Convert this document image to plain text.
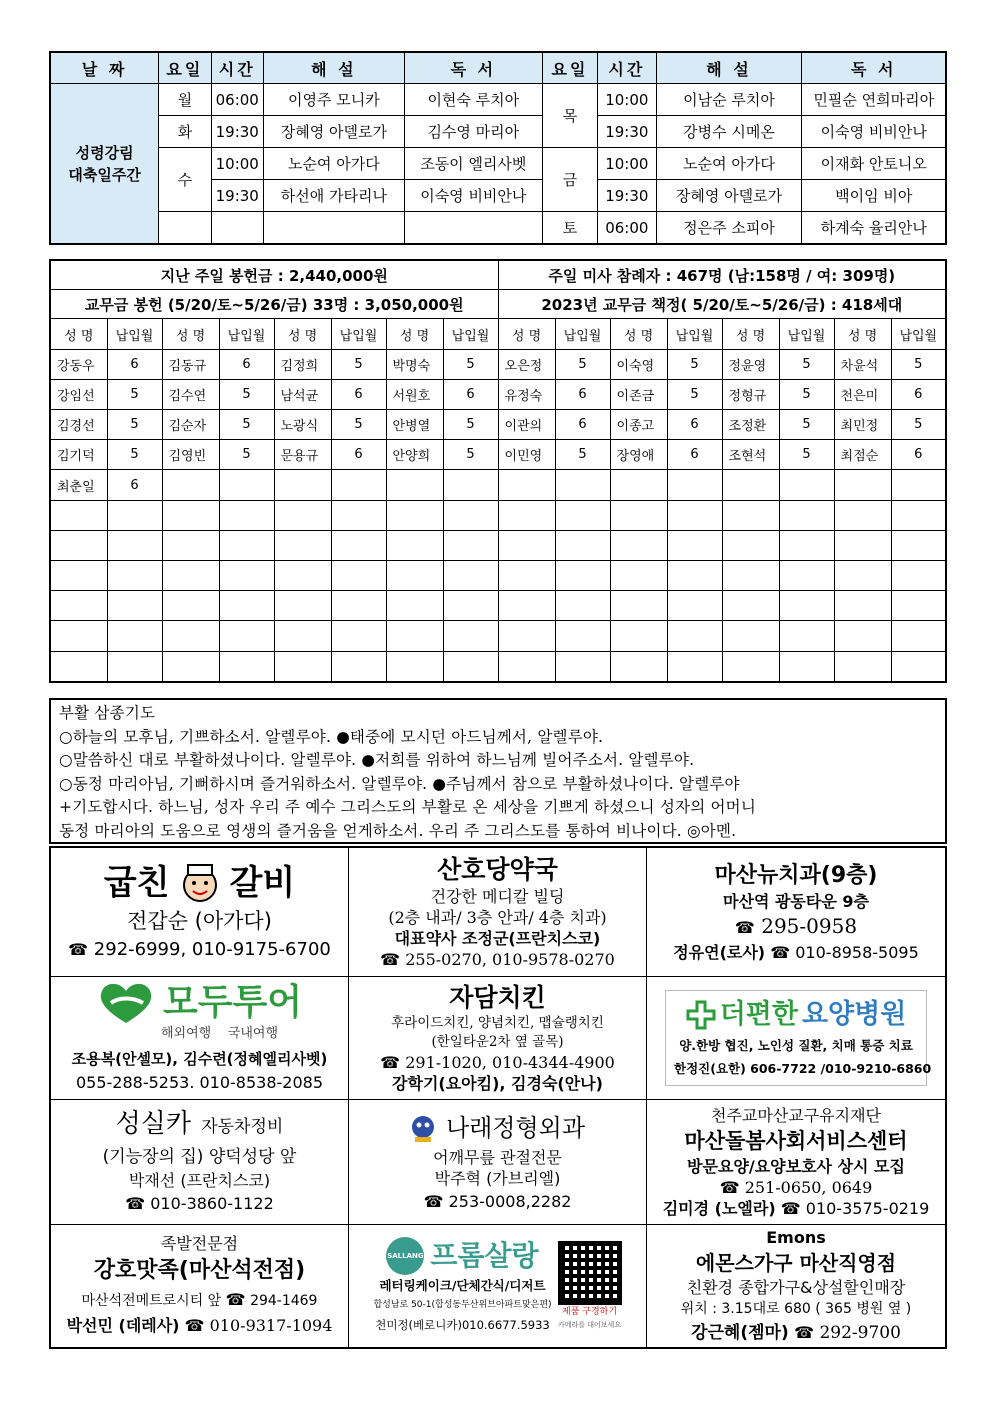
날 짜	요일	시간	해 설	독 서	요일	시간	해 설	독 서

성령강림
대축일주간	월	06:00	이영주 모니카	이현숙 루치아	목	10:00	이남순 루치아	민필순 연희마리아
	화	19:30	장혜영 아델로가	김수영 마리아		19:30	강병수 시메온	이숙영 비비안나
	수	10:00	노순여 아가다	조동이 엘리사벳	금	10:00	노순여 아가다	이재화 안토니오
		19:30	하선애 가타리나	이숙영 비비안나		19:30	장혜영 아델로가	백이임 비아
					토	06:00	정은주 소피아	하계숙 율리안나
지난 주일 봉헌금 : 2,440,000원								주일 미사 참례자 : 467명 (남:158명 / 여: 309명)							
교무금 봉헌 (5/20/토~5/26/금) 33명 : 3,050,000원								2023년 교무금 책정( 5/20/토~5/26/금) : 418세대							
성 명	납입월	성 명	납입월	성 명	납입월	성 명	납입월	성 명	납입월	성 명	납입월	성 명	납입월	성 명	납입월
강동우	6	김동규	6	김정희	5	박명숙	5	오은정	5	이숙영	5	정윤영	5	차윤석	5
강임선	5	김수연	5	남석균	6	서원호	6	유정숙	6	이존금	5	정형규	5	천은미	6
김경선	5	김순자	5	노광식	5	안병열	5	이관의	6	이종고	6	조정환	5	최민정	5
김기덕	5	김영빈	5	문용규	6	안양희	5	이민영	5	장영애	6	조현석	5	최점순	6
최춘일	6														

부활 삼종기도
○하늘의 모후님, 기쁘하소서. 알렐루야. ●태중에 모시던 아드님께서, 알렐루야.
○말씀하신 대로 부활하셨나이다. 알렐루야. ●저희를 위하여 하느님께 빌어주소서. 알렐루야.
○동정 마리아님, 기뻐하시며 즐거워하소서. 알렐루야. ●주님께서 참으로 부활하셨나이다. 알렐루야
+기도합시다. 하느님, 성자 우리 주 예수 그리스도의 부활로 온 세상을 기쁘게 하셨으니 성자의 어머니
동정 마리아의 도움으로 영생의 즐거움을 얻게하소서. 우리 주 그리스도를 통하여 비나이다. ◎아멘.
굽친 갈비
전갑순 (아가다)
☎ 292-6999, 010-9175-6700
산호당약국
건강한 메디칼 빌딩
(2층 내과/ 3층 안과/ 4층 치과)
대표약사 조정군(프란치스코)
☎ 255-0270, 010-9578-0270
마산뉴치과(9층)
마산역 광동타운 9층
☎ 295-0958
정유연(로사) ☎ 010-8958-5095
모두투어
해외여행 국내여행
조용복(안셀모), 김수련(정혜엘리사벳)
055-288-5253. 010-8538-2085
자담치킨
후라이드치킨, 양념치킨, 맵슐랭치킨
(한일타운2차 옆 골목)
☎ 291-1020, 010-4344-4900
강학기(요아킴), 김경숙(안나)
더편한 요양병원
양.한방 협진, 노인성 질환, 치매 통증 치료
한정진(요한) 606-7722 /010-9210-6860
성실카 자동차정비
(기능장의 집) 양덕성당 앞
박재선 (프란치스코)
☎ 010-3860-1122
나래정형외과
어깨무릎 관절전문
박주혁 (가브리엘)
☎ 253-0008,2282
천주교마산교구유지재단
마산돌봄사회서비스센터
방문요양/요양보호사 상시 모집
☎ 251-0650, 0649
김미경 (노엘라) ☎ 010-3575-0219
족발전문점
강호맛족(마산석전점)
마산석전메트로시티 앞 ☎ 294-1469
박선민 (데레사) ☎ 010-9317-1094
SALLANG 프롬살랑
레터링케이크/단체간식/디저트
합성남로 50-1(합성동두산위브아파트맞은편)
천미정(베로니카)010.6677.5933
제품 구경하기
카메라를 대어보세요
Emons
에몬스가구 마산직영점
친환경 종합가구&상설할인매장
위치 : 3.15대로 680 ( 365 병원 옆 )
강근혜(젬마) ☎ 292-9700
